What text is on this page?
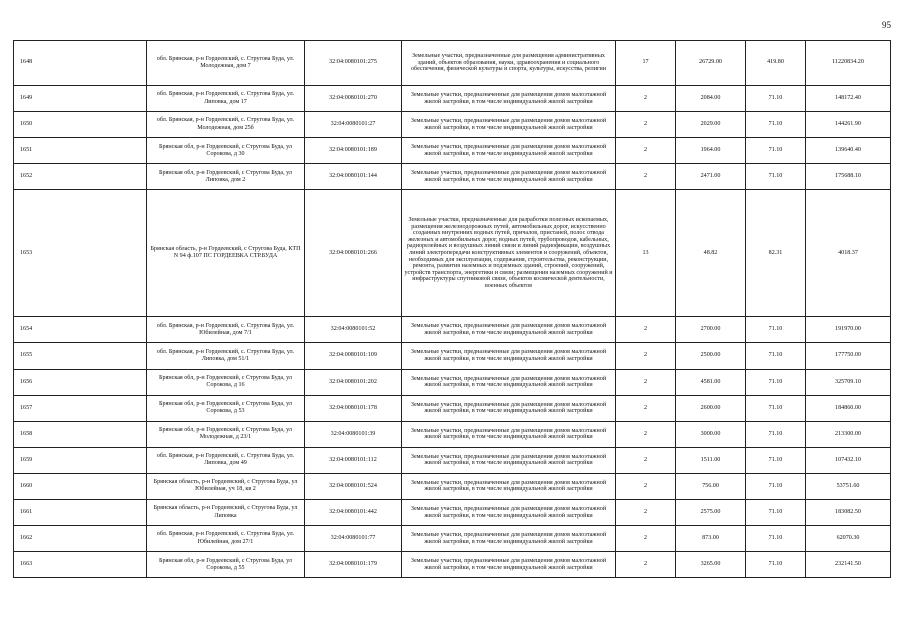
95
1648	обл. Брянская, р-н Гордеевский, с. Струговa Буда, ул. Молодежная, дом 7	32:04:0080101:275	Земельные участки, предназначенные для размещения административных зданий, объектов образования, науки, здравоохранения и социального обеспечения, физической культуры и спорта, культуры, искусства, религии	17	26729.00	419.80	11220834.20
1649	обл. Брянская, р-н Гордеевский, с. Струговa Буда, ул. Липовка, дом 17	32:04:0080101:270	Земельные участки, предназначенные для размещения домов малоэтажной жилой застройки, в том числе индивидуальной жилой застройки	2	2084.00	71.10	148172.40
1650	обл. Брянская, р-н Гордеевский, с. Струговa Буда, ул. Молодежная, дом 25б	32:04:0080101:27	Земельные участки, предназначенные для размещения домов малоэтажной жилой застройки, в том числе индивидуальной жилой застройки	2	2029.00	71.10	144261.90
1651	Брянская обл, р-н Гордеевский, с Струговa Буда, ул Сорокова, д 30	32:04:0080101:189	Земельные участки, предназначенные для размещения домов малоэтажной жилой застройки, в том числе индивидуальной жилой застройки	2	1964.00	71.10	139640.40
1652	Брянская обл, р-н Гордеевский, с Струговa Буда, ул Липовка, дом 2	32:04:0080101:144	Земельные участки, предназначенные для размещения домов малоэтажной жилой застройки, в том числе индивидуальной жилой застройки	2	2471.00	71.10	175688.10
1653	Брянская область, р-н Гордеевский, с Струговa Буда, КТП N 94 ф.107 ПС ГОРДЕЕВКА СТР.БУДА	32:04:0080101:266	Земельные участки, предназначенные для разработки полезных ископаемых, размещения железнодорожных путей, автомобильных дорог, искусственно созданных внутренних водных путей, причалов, пристаней, полос отвода железных и автомобильных дорог, водных путей, трубопроводов, кабельных, радиорелейных и воздушных линий связи и линий радиофикации, воздушных линий электропередачи конструктивных элементов и сооружений, объектов, необходимых для эксплуатации, содержания, строительства, реконструкции, ремонта, развития наземных и подземных зданий, строений, сооружений, устройств транспорта, энергетики и связи; размещения наземных сооружений и инфраструктуры спутниковой связи, объектов космической деятельности, военных объектов	13	48.82	82.31	4018.37
1654	обл. Брянская, р-н Гордеевский, с. Струговa Буда, ул. Юбилейная, дом 7/1	32:04:0080101:52	Земельные участки, предназначенные для размещения домов малоэтажной жилой застройки, в том числе индивидуальной жилой застройки	2	2700.00	71.10	191970.00
1655	обл. Брянская, р-н Гордеевский, с. Струговa Буда, ул. Липовка, дом 51/1	32:04:0080101:109	Земельные участки, предназначенные для размещения домов малоэтажной жилой застройки, в том числе индивидуальной жилой застройки	2	2500.00	71.10	177750.00
1656	Брянская обл, р-н Гордеевский, с Струговa Буда, ул Сорокова, д 16	32:04:0080101:202	Земельные участки, предназначенные для размещения домов малоэтажной жилой застройки, в том числе индивидуальной жилой застройки	2	4581.00	71.10	325709.10
1657	Брянская обл, р-н Гордеевский, с Струговa Буда, ул Сорокова, д 53	32:04:0080101:178	Земельные участки, предназначенные для размещения домов малоэтажной жилой застройки, в том числе индивидуальной жилой застройки	2	2600.00	71.10	184860.00
1658	Брянская обл, р-н Гордеевский, с Струговa Буда, ул Молодежная, д 23/1	32:04:0080101:39	Земельные участки, предназначенные для размещения домов малоэтажной жилой застройки, в том числе индивидуальной жилой застройки	2	3000.00	71.10	213300.00
1659	обл. Брянская, р-н Гордеевский, с. Струговa Буда, ул. Липовка, дом 49	32:04:0080101:112	Земельные участки, предназначенные для размещения домов малоэтажной жилой застройки, в том числе индивидуальной жилой застройки	2	1511.00	71.10	107432.10
1660	Брянская область, р-н Гордеевский, с Струговa Буда, ул Юбилейная, уч 18, кв 2	32:04:0080101:524	Земельные участки, предназначенные для размещения домов малоэтажной жилой застройки, в том числе индивидуальной жилой застройки	2	756.00	71.10	53751.60
1661	Брянская область, р-н Гордеевский, с Струговa Буда, ул Липовка	32:04:0080101:442	Земельные участки, предназначенные для размещения домов малоэтажной жилой застройки, в том числе индивидуальной жилой застройки	2	2575.00	71.10	183082.50
1662	обл. Брянская, р-н Гордеевский, с. Струговa Буда, ул. Юбилейная, дом 27/1	32:04:0080101:77	Земельные участки, предназначенные для размещения домов малоэтажной жилой застройки, в том числе индивидуальной жилой застройки	2	873.00	71.10	62070.30
1663	Брянская обл, р-н Гордеевский, с Струговa Буда, ул Сорокова, д 55	32:04:0080101:179	Земельные участки, предназначенные для размещения домов малоэтажной жилой застройки, в том числе индивидуальной жилой застройки	2	3265.00	71.10	232141.50
